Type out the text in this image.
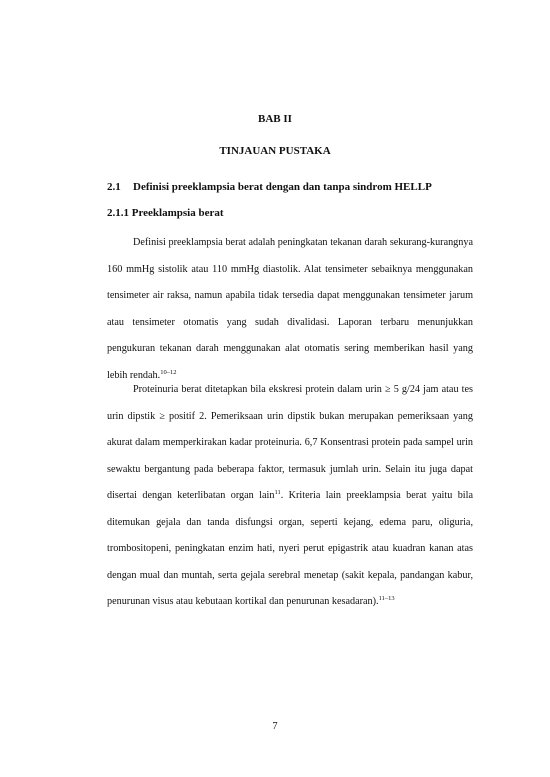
BAB II
TINJAUAN PUSTAKA
2.1 Definisi preeklampsia berat dengan dan tanpa sindrom HELLP
2.1.1 Preeklampsia berat

Definisi preeklampsia berat adalah peningkatan tekanan darah sekurang-kurangnya 160 mmHg sistolik atau 110 mmHg diastolik. Alat tensimeter sebaiknya menggunakan tensimeter air raksa, namun apabila tidak tersedia dapat menggunakan tensimeter jarum atau tensimeter otomatis yang sudah divalidasi. Laporan terbaru menunjukkan pengukuran tekanan darah menggunakan alat otomatis sering memberikan hasil yang lebih rendah.$^{10-12}$

Proteinuria berat ditetapkan bila ekskresi protein dalam urin ≥ 5 g/24 jam atau tes urin dipstik ≥ positif 2. Pemeriksaan urin dipstik bukan merupakan pemeriksaan yang akurat dalam memperkirakan kadar proteinuria. 6,7 Konsentrasi protein pada sampel urin sewaktu bergantung pada beberapa faktor, termasuk jumlah urin. Selain itu juga dapat disertai dengan keterlibatan organ lain$^{11}$. Kriteria lain preeklampsia berat yaitu bila ditemukan gejala dan tanda disfungsi organ, seperti kejang, edema paru, oliguria, trombositopeni, peningkatan enzim hati, nyeri perut epigastrik atau kuadran kanan atas dengan mual dan muntah, serta gejala serebral menetap (sakit kepala, pandangan kabur, penurunan visus atau kebutaan kortikal dan penurunan kesadaran).$^{11-13}$

7
